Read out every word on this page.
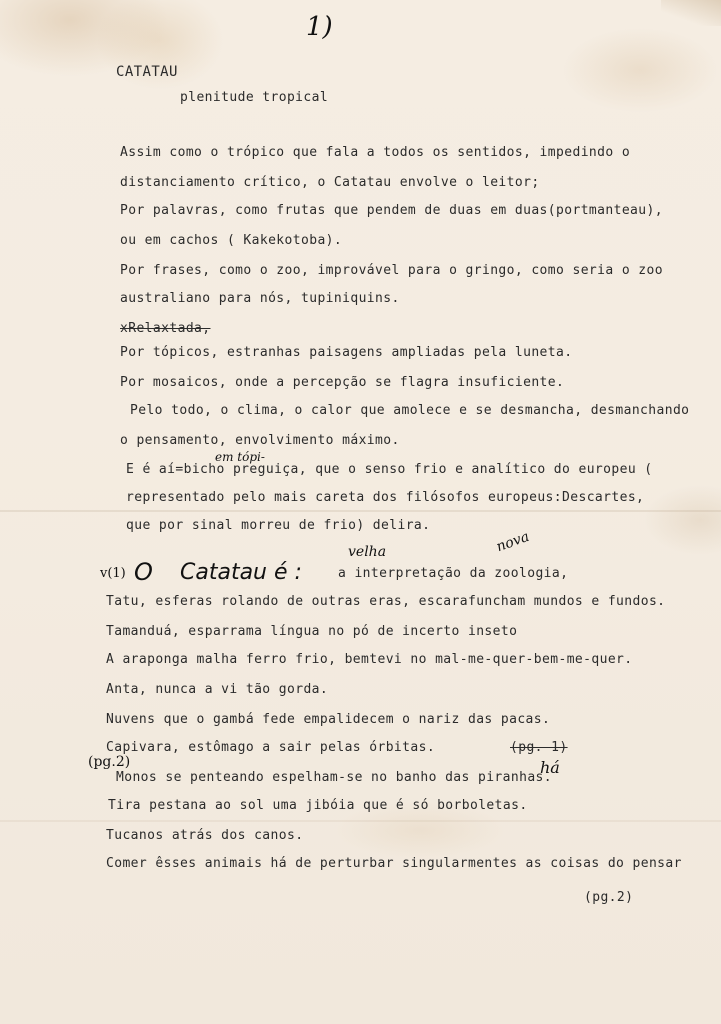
1)
CATATAU
plenitude tropical
Assim como o trópico que fala a todos os sentidos, impedindo o
distanciamento crítico, o Catatau envolve o leitor;
Por palavras, como frutas que pendem de duas em duas(portmanteau),
ou em cachos ( Kakekotoba).
Por frases, como o zoo, improvável para o gringo, como seria o zoo
australiano para nós, tupiniquins.
xRelaxtada,
Por tópicos, estranhas paisagens ampliadas pela luneta.
Por mosaicos, onde a percepção se flagra insuficiente.
Pelo todo, o clima, o calor que amolece e se desmancha, desmanchando
o pensamento, envolvimento máximo.
E é aí=bicho preguiça, que o senso frio e analítico do europeu (
representado pelo mais careta dos filósofos europeus:Descartes,
que por sinal morreu de frio) delira.
em tópi-
velha	nova
v(1) O Catatau é :	a interpretação da zoologia,
Tatu, esferas rolando de outras eras, escarafuncham mundos e fundos.
Tamanduá, esparrama língua no pó de incerto inseto
A araponga malha ferro frio, bemtevi no mal-me-quer-bem-me-quer.
Anta, nunca a vi tão gorda.
Nuvens que o gambá fede empalidecem o nariz das pacas.
Capivara, estômago a sair pelas órbitas.	(pg. 1)
(pg.2)
Monos se penteando espelham-se no banho das piranhas.
há
Tira pestana ao sol uma jibóia que é só borboletas.
Tucanos atrás dos canos.
Comer êsses animais há de perturbar singularmentes as coisas do pensar
(pg.2)
